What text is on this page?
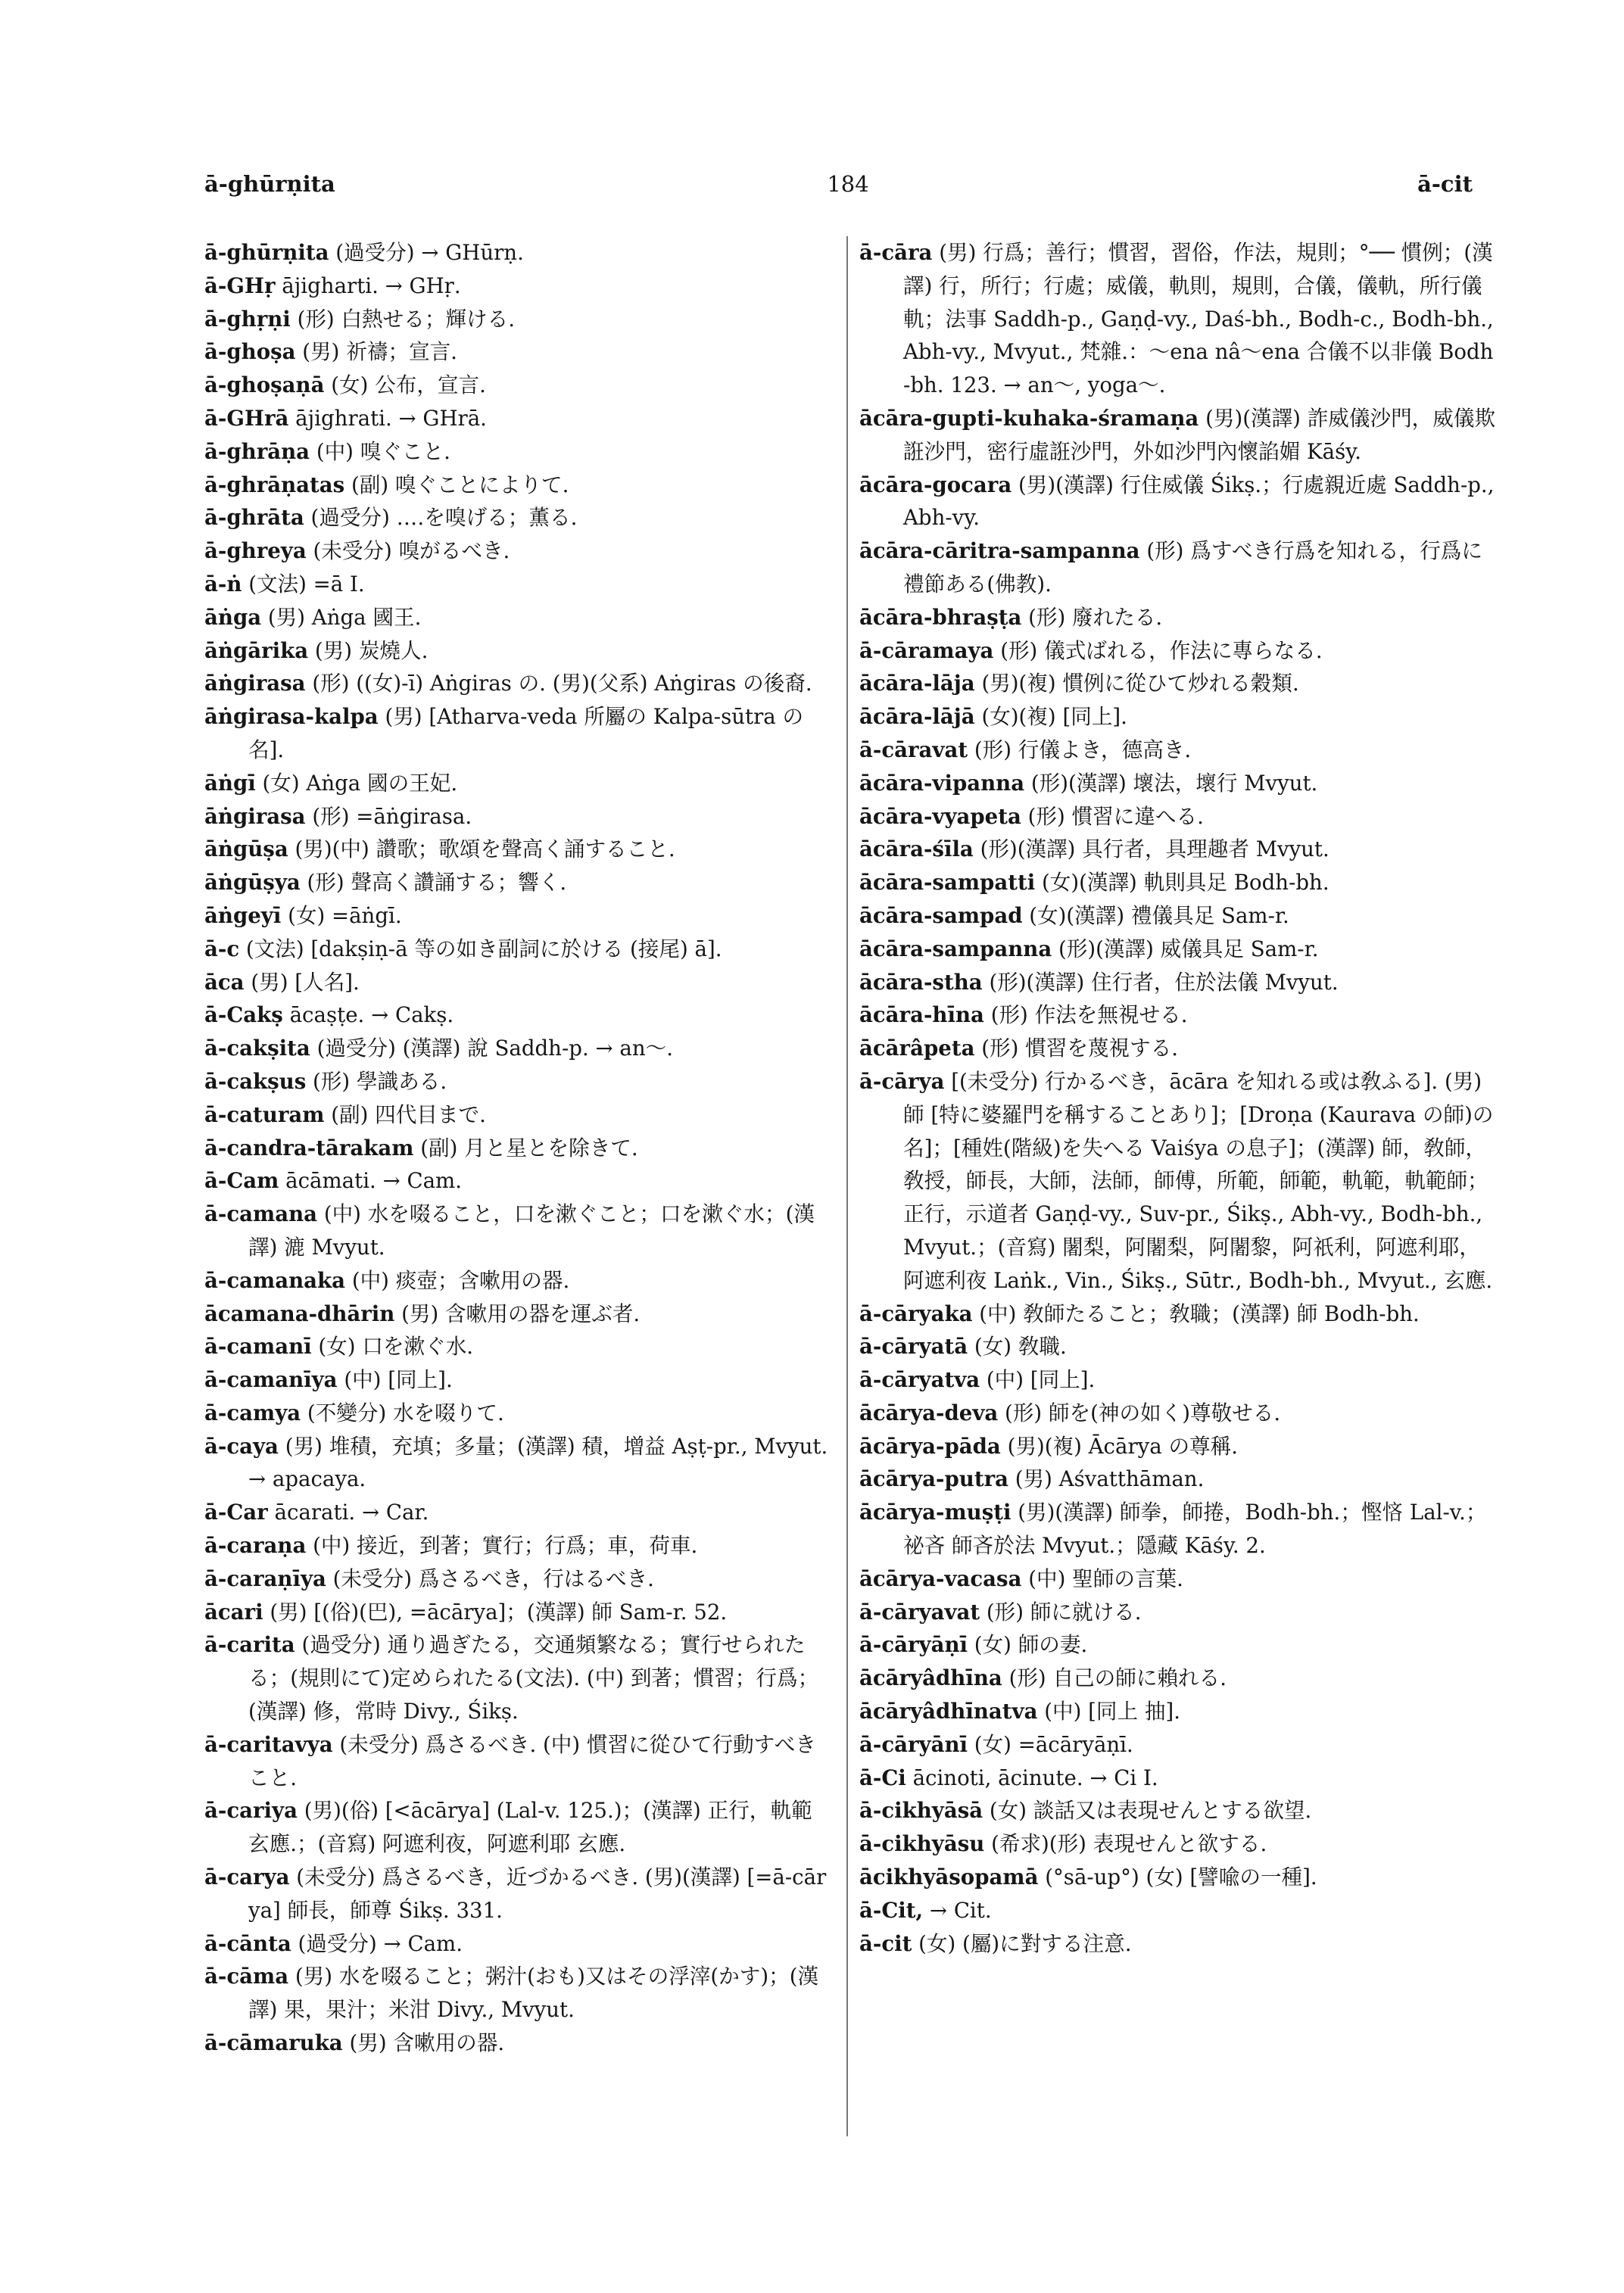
ā-ghūrṇita	184	ā-cit

ā-ghūrṇita (過受分) → GHūrṇ.

ā-GHṛ ājigharti. → GHṛ.

ā-ghṛṇi (形) 白熱せる；輝ける.

ā-ghoṣa (男) 祈禱；宣言.

ā-ghoṣaṇā (女) 公布，宣言.

ā-GHrā ājighrati. → GHrā.

ā-ghrāṇa (中) 嗅ぐこと.

ā-ghrāṇatas (副) 嗅ぐことによりて.

ā-ghrāta (過受分) ‥‥を嗅げる；薫る.

ā-ghreya (未受分) 嗅がるべき.

ā-ṅ (文法) =ā I.

āṅga (男) Aṅga 國王.

āṅgārika (男) 炭燒人.

āṅgirasa (形) ((女)-ī) Aṅgiras の. (男)(父系) Aṅgiras の後裔.

āṅgirasa-kalpa (男) [Atharva-veda 所屬の Kalpa-sūtra の名].

āṅgī (女) Aṅga 國の王妃.

āṅgirasa (形) =āṅgirasa.

āṅgūṣa (男)(中) 讚歌；歌頌を聲高く誦すること.

āṅgūṣya (形) 聲高く讚誦する；響く.

āṅgeyī (女) =āṅgī.

ā-c (文法) [dakṣiṇ-ā 等の如き副詞に於ける (接尾) ā].

āca (男) [人名].

ā-Cakṣ ācaṣṭe. → Cakṣ.

ā-cakṣita (過受分) (漢譯) 說 Saddh-p. → an〜.

ā-cakṣus (形) 學識ある.

ā-caturam (副) 四代目まで.

ā-candra-tārakam (副) 月と星とを除きて.

ā-Cam ācāmati. → Cam.

ā-camana (中) 水を啜ること，口を漱ぐこと；口を漱ぐ水；(漢譯) 漉 Mvyut.

ā-camanaka (中) 痰壺；含嗽用の器.

ācamana-dhārin (男) 含嗽用の器を運ぶ者.

ā-camanī (女) 口を漱ぐ水.

ā-camanīya (中) [同上].

ā-camya (不變分) 水を啜りて.

ā-caya (男) 堆積，充填；多量；(漢譯) 積，增益 Aṣṭ-pr., Mvyut. → apacaya.

ā-Car ācarati. → Car.

ā-caraṇa (中) 接近，到著；實行；行爲；車，荷車.

ā-caraṇīya (未受分) 爲さるべき，行はるべき.

ācari (男) [(俗)(巴), =ācārya]；(漢譯) 師 Sam-r. 52.

ā-carita (過受分) 通り過ぎたる，交通頻繁なる；實行せられたる；(規則にて)定められたる(文法). (中) 到著；慣習；行爲；(漢譯) 修，常時 Divy., Śikṣ.

ā-caritavya (未受分) 爲さるべき. (中) 慣習に從ひて行動すべきこと.

ā-cariya (男)(俗) [<ācārya] (Lal-v. 125.)；(漢譯) 正行，軌範 玄應.；(音寫) 阿遮利夜，阿遮利耶 玄應.

ā-carya (未受分) 爲さるべき，近づかるべき. (男)(漢譯) [=ā-cārya] 師長，師尊 Śikṣ. 331.

ā-cānta (過受分) → Cam.

ā-cāma (男) 水を啜ること；粥汁(おも)又はその浮滓(かす)；(漢譯) 果，果汁；米泔 Divy., Mvyut.

ā-cāmaruka (男) 含嗽用の器.

ā-cāra (男) 行爲；善行；慣習，習俗，作法，規則；°── 慣例；(漢譯) 行，所行；行處；威儀，軌則，規則，合儀，儀軌，所行儀軌；法事 Saddh-p., Gaṇḍ-vy., Daś-bh., Bodh-c., Bodh-bh., Abh-vy., Mvyut., 梵雜.：〜ena nâ〜ena 合儀不以非儀 Bodh-bh. 123. → an〜, yoga〜.

ācāra-gupti-kuhaka-śramaṇa (男)(漢譯) 詐威儀沙門，威儀欺誑沙門，密行虛誑沙門，外如沙門內懷諂媚 Kāśy.

ācāra-gocara (男)(漢譯) 行住威儀 Śikṣ.；行處親近處 Saddh-p., Abh-vy.

ācāra-cāritra-sampanna (形) 爲すべき行爲を知れる，行爲に禮節ある(佛教).

ācāra-bhraṣṭa (形) 廢れたる.

ā-cāramaya (形) 儀式ばれる，作法に專らなる.

ācāra-lāja (男)(複) 慣例に從ひて炒れる穀類.

ācāra-lājā (女)(複) [同上].

ā-cāravat (形) 行儀よき，德高き.

ācāra-vipanna (形)(漢譯) 壞法，壞行 Mvyut.

ācāra-vyapeta (形) 慣習に違へる.

ācāra-śīla (形)(漢譯) 具行者，具理趣者 Mvyut.

ācāra-sampatti (女)(漢譯) 軌則具足 Bodh-bh.

ācāra-sampad (女)(漢譯) 禮儀具足 Sam-r.

ācāra-sampanna (形)(漢譯) 威儀具足 Sam-r.

ācāra-stha (形)(漢譯) 住行者，住於法儀 Mvyut.

ācāra-hīna (形) 作法を無視せる.

ācārâpeta (形) 慣習を蔑視する.

ā-cārya [(未受分) 行かるべき，ācāra を知れる或は敎ふる]. (男) 師 [特に婆羅門を稱することあり]；[Droṇa (Kaurava の師)の名]；[種姓(階級)を失へる Vaiśya の息子]；(漢譯) 師，敎師，敎授，師長，大師，法師，師傅，所範，師範，軌範，軌範師；正行，示道者 Gaṇḍ-vy., Suv-pr., Śikṣ., Abh-vy., Bodh-bh., Mvyut.；(音寫) 闍梨，阿闍梨，阿闍黎，阿祇利，阿遮利耶，阿遮利夜 Laṅk., Vin., Śikṣ., Sūtr., Bodh-bh., Mvyut., 玄應.

ā-cāryaka (中) 敎師たること；敎職；(漢譯) 師 Bodh-bh.

ā-cāryatā (女) 敎職.

ā-cāryatva (中) [同上].

ācārya-deva (形) 師を(神の如く)尊敬せる.

ācārya-pāda (男)(複) Ācārya の尊稱.

ācārya-putra (男) Aśvatthāman.

ācārya-muṣṭi (男)(漢譯) 師拳，師捲，Bodh-bh.；慳悋 Lal-v.；祕吝 師吝於法 Mvyut.；隱藏 Kāśy. 2.

ācārya-vacasa (中) 聖師の言葉.

ā-cāryavat (形) 師に就ける.

ā-cāryāṇī (女) 師の妻.

ācāryâdhīna (形) 自己の師に賴れる.

ācāryâdhīnatva (中) [同上 抽].

ā-cāryānī (女) =ācāryāṇī.

ā-Ci ācinoti, ācinute. → Ci I.

ā-cikhyāsā (女) 談話又は表現せんとする欲望.

ā-cikhyāsu (希求)(形) 表現せんと欲する.

ācikhyāsopamā (°sā-up°) (女) [譬喩の一種].

ā-Cit, → Cit.

ā-cit (女) (屬)に對する注意.
